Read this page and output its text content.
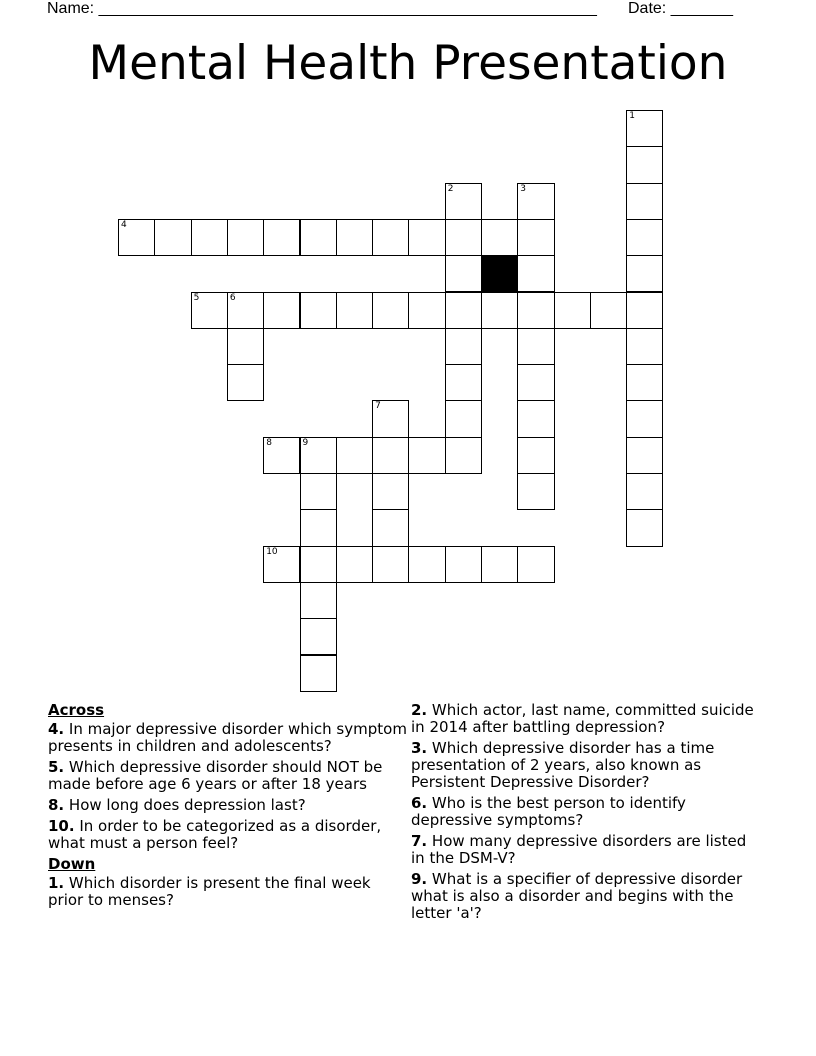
Name: ________________________________________________________ Date: _______
Mental Health Presentation
1
2	3
4
5	6
7
8	9
10
Across
4. In major depressive disorder which symptom presents in children and adolescents?
5. Which depressive disorder should NOT be made before age 6 years or after 18 years
8. How long does depression last?
10. In order to be categorized as a disorder, what must a person feel?
Down
1. Which disorder is present the final week prior to menses?
2. Which actor, last name, committed suicide in 2014 after battling depression?
3. Which depressive disorder has a time presentation of 2 years, also known as Persistent Depressive Disorder?
6. Who is the best person to identify depressive symptoms?
7. How many depressive disorders are listed in the DSM-V?
9. What is a specifier of depressive disorder what is also a disorder and begins with the letter 'a'?
